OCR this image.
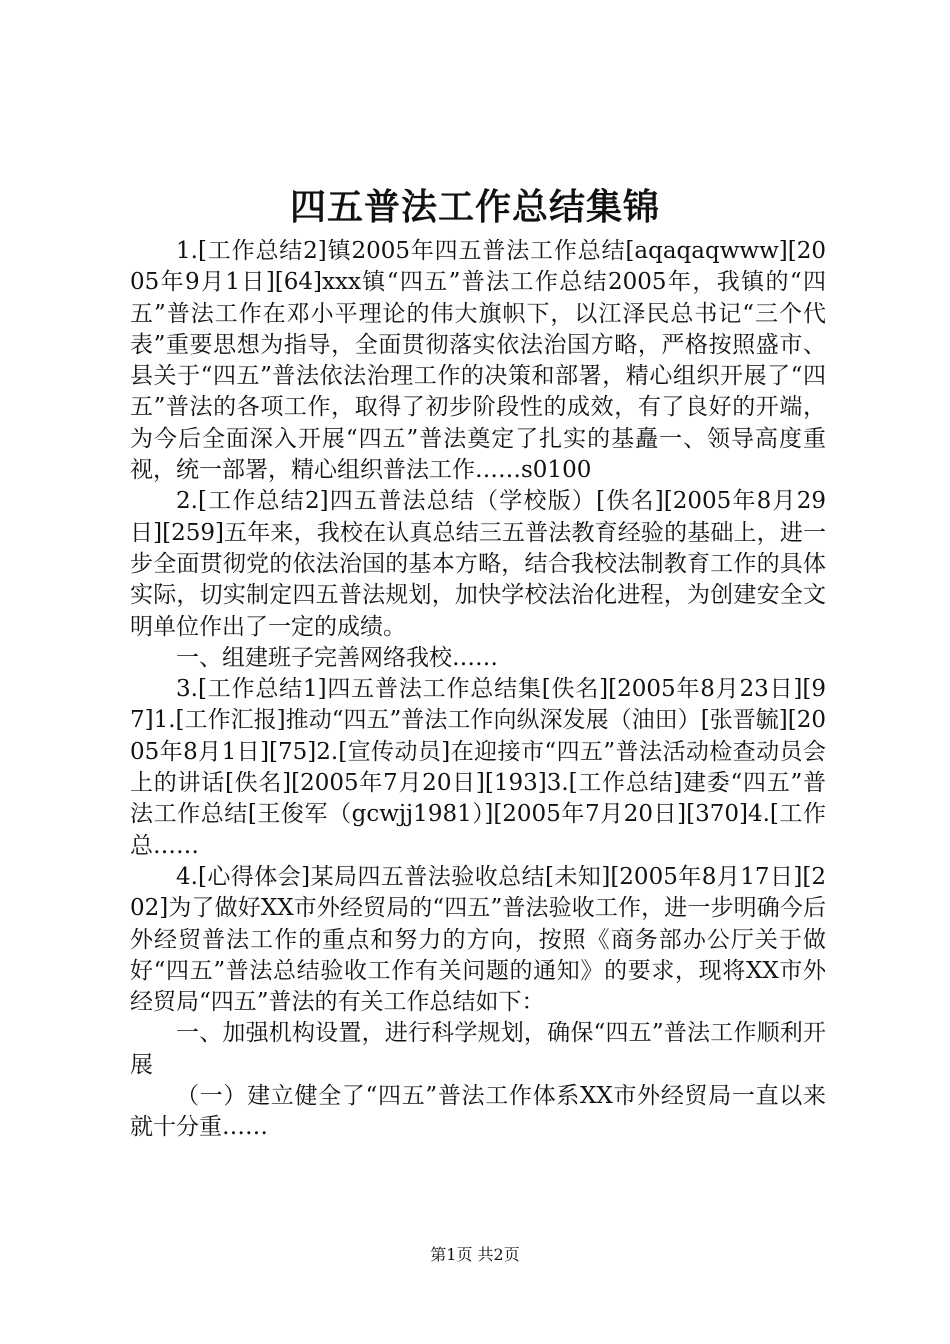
四五普法工作总结集锦

1.[工作总结2]镇2005年四五普法工作总结[aqaqaqwww][2005年9月1日][64]xxx镇“四五”普法工作总结2005年，我镇的“四五”普法工作在邓小平理论的伟大旗帜下，以江泽民总书记“三个代表”重要思想为指导，全面贯彻落实依法治国方略，严格按照盛市、县关于“四五”普法依法治理工作的决策和部署，精心组织开展了“四五”普法的各项工作，取得了初步阶段性的成效，有了良好的开端，为今后全面深入开展“四五”普法奠定了扎实的基矗一、领导高度重视，统一部署，精心组织普法工作……s0100

2.[工作总结2]四五普法总结（学校版）[佚名][2005年8月29日][259]五年来，我校在认真总结三五普法教育经验的基础上，进一步全面贯彻党的依法治国的基本方略，结合我校法制教育工作的具体实际，切实制定四五普法规划，加快学校法治化进程，为创建安全文明单位作出了一定的成绩。

一、组建班子完善网络我校……

3.[工作总结1]四五普法工作总结集[佚名][2005年8月23日][97]1.[工作汇报]推动“四五”普法工作向纵深发展（油田）[张晋毓][2005年8月1日][75]2.[宣传动员]在迎接市“四五”普法活动检查动员会上的讲话[佚名][2005年7月20日][193]3.[工作总结]建委“四五”普法工作总结[王俊军（gcwjj1981）][2005年7月20日][370]4.[工作总……

4.[心得体会]某局四五普法验收总结[未知][2005年8月17日][202]为了做好XX市外经贸局的“四五”普法验收工作，进一步明确今后外经贸普法工作的重点和努力的方向，按照《商务部办公厅关于做好“四五”普法总结验收工作有关问题的通知》的要求，现将XX市外经贸局“四五”普法的有关工作总结如下：

一、加强机构设置，进行科学规划，确保“四五”普法工作顺利开展

（一）建立健全了“四五”普法工作体系XX市外经贸局一直以来就十分重……

第1页 共2页
